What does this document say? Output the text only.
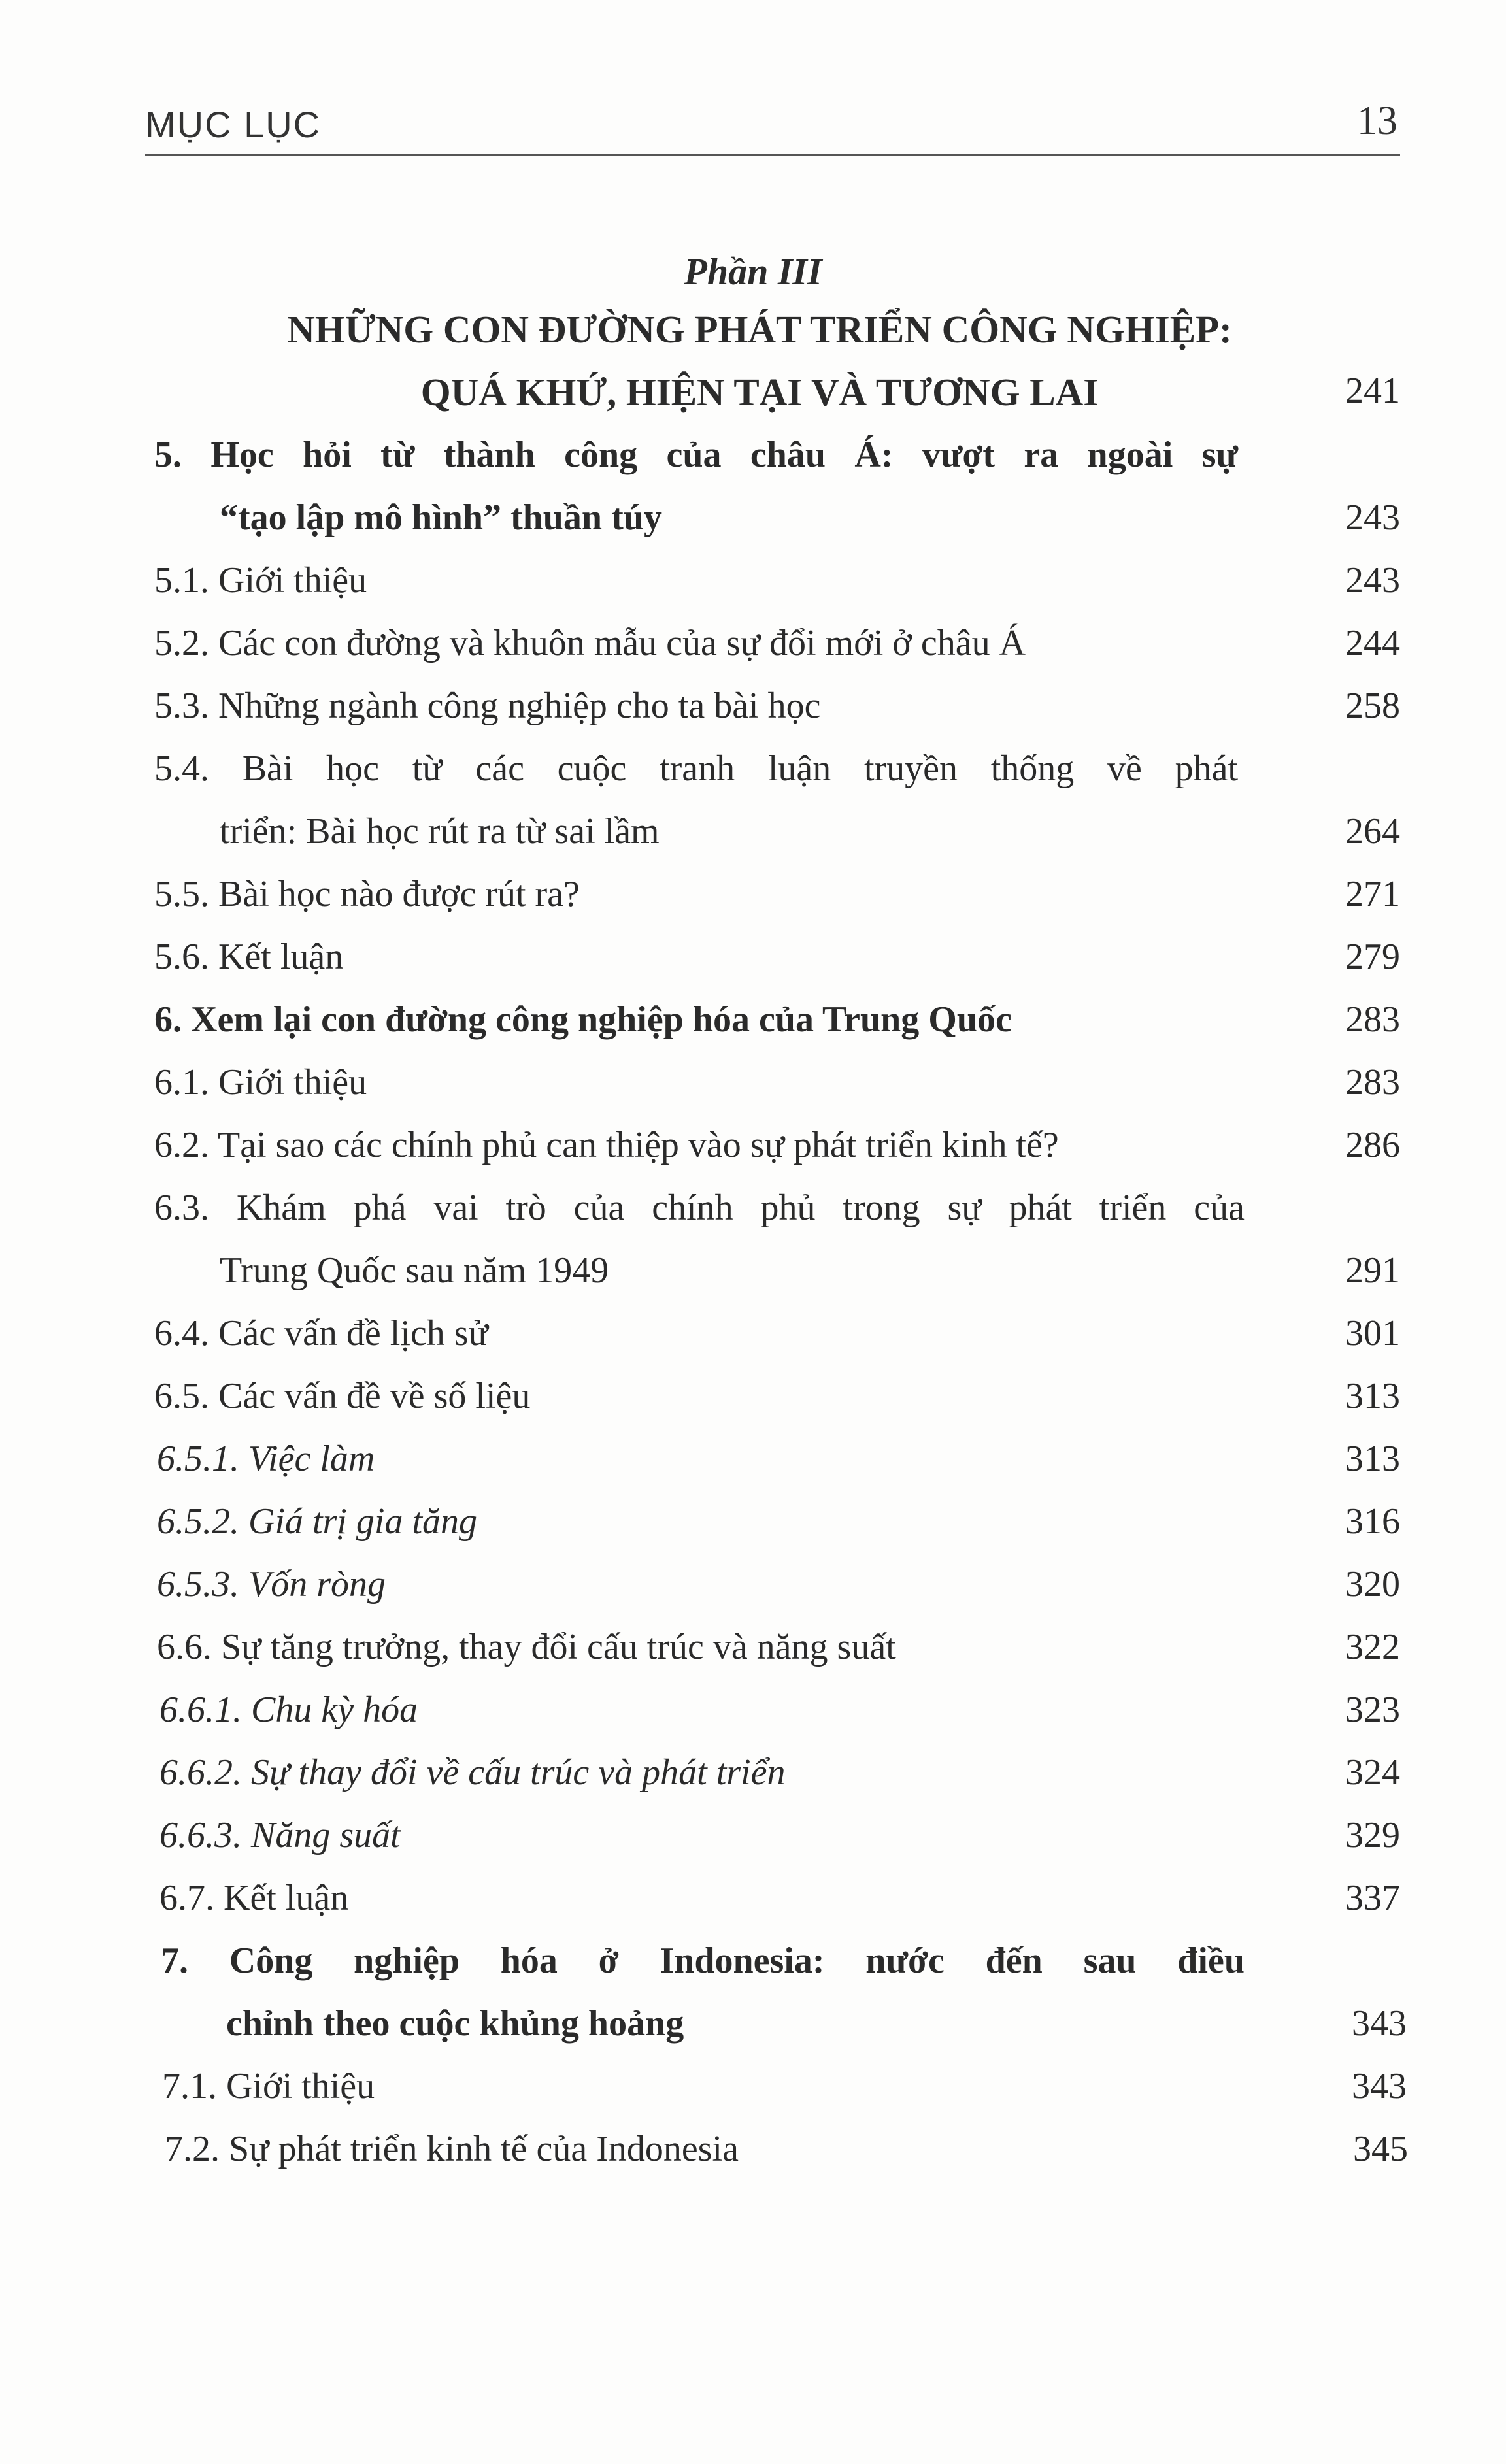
MỤC LỤC	13
Phần III
NHỮNG CON ĐƯỜNG PHÁT TRIỂN CÔNG NGHIỆP:
QUÁ KHỨ, HIỆN TẠI VÀ TƯƠNG LAI	241
5. Học hỏi từ thành công của châu Á: vượt ra ngoài sự
“tạo lập mô hình” thuần túy	243
5.1. Giới thiệu	243
5.2. Các con đường và khuôn mẫu của sự đổi mới ở châu Á	244
5.3. Những ngành công nghiệp cho ta bài học	258
5.4. Bài học từ các cuộc tranh luận truyền thống về phát
triển: Bài học rút ra từ sai lầm	264
5.5. Bài học nào được rút ra?	271
5.6. Kết luận	279
6. Xem lại con đường công nghiệp hóa của Trung Quốc	283
6.1. Giới thiệu	283
6.2. Tại sao các chính phủ can thiệp vào sự phát triển kinh tế?	286
6.3. Khám phá vai trò của chính phủ trong sự phát triển của
Trung Quốc sau năm 1949	291
6.4. Các vấn đề lịch sử	301
6.5. Các vấn đề về số liệu	313
6.5.1. Việc làm	313
6.5.2. Giá trị gia tăng	316
6.5.3. Vốn ròng	320
6.6. Sự tăng trưởng, thay đổi cấu trúc và năng suất	322
6.6.1. Chu kỳ hóa	323
6.6.2. Sự thay đổi về cấu trúc và phát triển	324
6.6.3. Năng suất	329
6.7. Kết luận	337
7. Công nghiệp hóa ở Indonesia: nước đến sau điều
chỉnh theo cuộc khủng hoảng	343
7.1. Giới thiệu	343
7.2. Sự phát triển kinh tế của Indonesia	345
